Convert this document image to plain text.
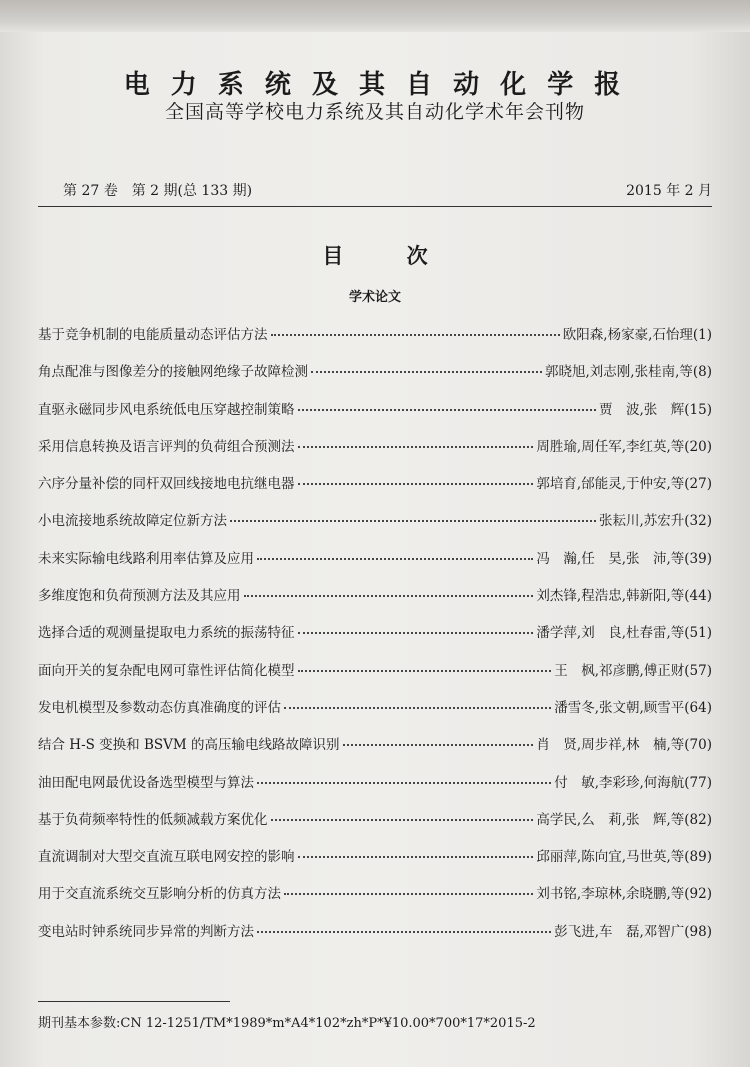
电 力 系 统 及 其 自 动 化 学 报
全国高等学校电力系统及其自动化学术年会刊物
第 27 卷　第 2 期(总 133 期)	2015 年 2 月
目 次
学术论文
基于竞争机制的电能质量动态评估方法	欧阳森,杨家豪,石怡理(1)
角点配准与图像差分的接触网绝缘子故障检测	郭晓旭,刘志刚,张桂南,等(8)
直驱永磁同步风电系统低电压穿越控制策略	贾　波,张　辉(15)
采用信息转换及语言评判的负荷组合预测法	周胜瑜,周任军,李红英,等(20)
六序分量补偿的同杆双回线接地电抗继电器	郭培育,邰能灵,于仲安,等(27)
小电流接地系统故障定位新方法	张耘川,苏宏升(32)
未来实际输电线路利用率估算及应用	冯　瀚,任　昊,张　沛,等(39)
多维度饱和负荷预测方法及其应用	刘杰锋,程浩忠,韩新阳,等(44)
选择合适的观测量提取电力系统的振荡特征	潘学萍,刘　良,杜春雷,等(51)
面向开关的复杂配电网可靠性评估简化模型	王　枫,祁彦鹏,傅正财(57)
发电机模型及参数动态仿真准确度的评估	潘雪冬,张文朝,顾雪平(64)
结合 H-S 变换和 BSVM 的高压输电线路故障识别	肖　贤,周步祥,林　楠,等(70)
油田配电网最优设备选型模型与算法	付　敏,李彩珍,何海航(77)
基于负荷频率特性的低频减载方案优化	高学民,么　莉,张　辉,等(82)
直流调制对大型交直流互联电网安控的影响	邱丽萍,陈向宜,马世英,等(89)
用于交直流系统交互影响分析的仿真方法	刘书铭,李琼林,余晓鹏,等(92)
变电站时钟系统同步异常的判断方法	彭飞进,车　磊,邓智广(98)
期刊基本参数:CN 12-1251/TM*1989*m*A4*102*zh*P*¥10.00*700*17*2015-2
